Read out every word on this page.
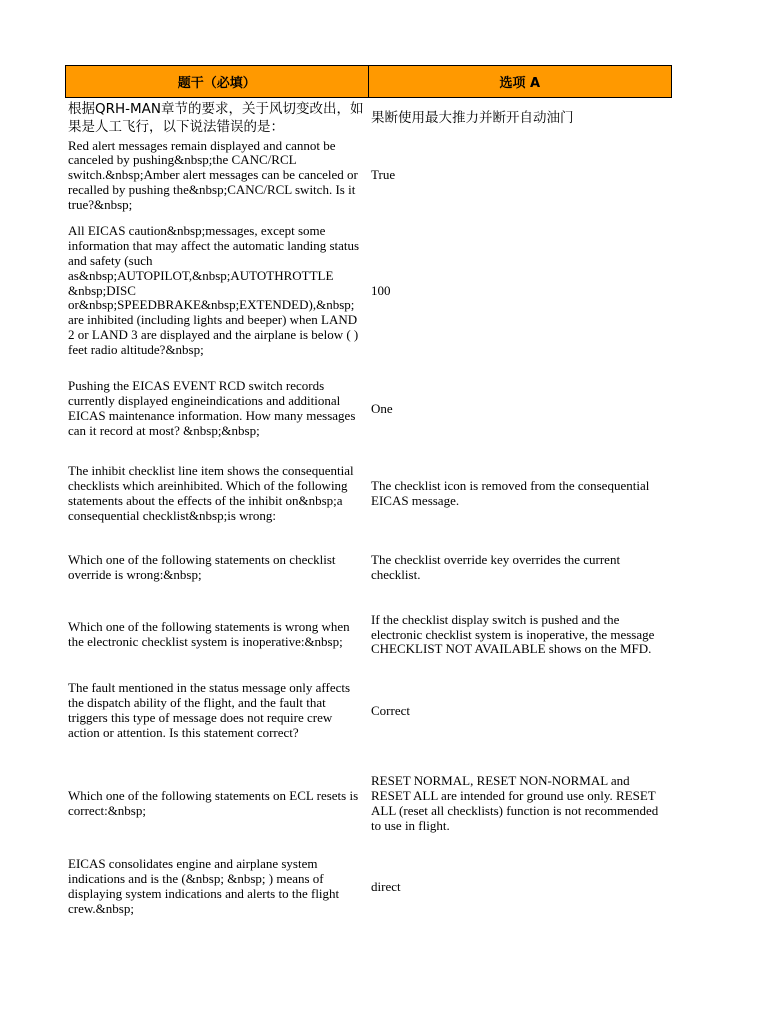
题干（必填）	选项 A
根据QRH-MAN章节的要求，关于风切变改出，如果是人工飞行，以下说法错误的是：
果断使用最大推力并断开自动油门
Red alert messages remain displayed and cannot be canceled by pushing&nbsp;the CANC/RCL switch.&nbsp;Amber alert messages can be canceled or recalled by pushing the&nbsp;CANC/RCL switch. Is it true?&nbsp;
True
All EICAS caution&nbsp;messages, except some information that may affect the automatic landing status and safety (such as&nbsp;AUTOPILOT,&nbsp;AUTOTHROTTLE &nbsp;DISC or&nbsp;SPEEDBRAKE&nbsp;EXTENDED),&nbsp; are inhibited (including lights and beeper) when LAND 2 or LAND 3 are displayed and the airplane is below ( ) feet radio altitude?&nbsp;
100
Pushing the EICAS EVENT RCD switch records currently displayed engineindications and additional EICAS maintenance information. How many messages can it record at most? &nbsp;&nbsp;
One
The inhibit checklist line item shows the consequential checklists which areinhibited. Which of the following statements about the effects of the inhibit on&nbsp;a consequential checklist&nbsp;is wrong:
The checklist icon is removed from the consequential EICAS message.
Which one of the following statements on checklist override is wrong:&nbsp;
The checklist override key overrides the current checklist.
Which one of the following statements is wrong when the electronic checklist system is inoperative:&nbsp;
If the checklist display switch is pushed and the electronic checklist system is inoperative, the message CHECKLIST NOT AVAILABLE shows on the MFD.
The fault mentioned in the status message only affects the dispatch ability of the flight, and the fault that triggers this type of message does not require crew action or attention. Is this statement correct?
Correct
Which one of the following statements on ECL resets is correct:&nbsp;
RESET NORMAL, RESET NON-NORMAL and RESET ALL are intended for ground use only. RESET ALL (reset all checklists) function is not recommended to use in flight.
EICAS consolidates engine and airplane system indications and is the (&nbsp; &nbsp; ) means of displaying system indications and alerts to the flight crew.&nbsp;
direct
